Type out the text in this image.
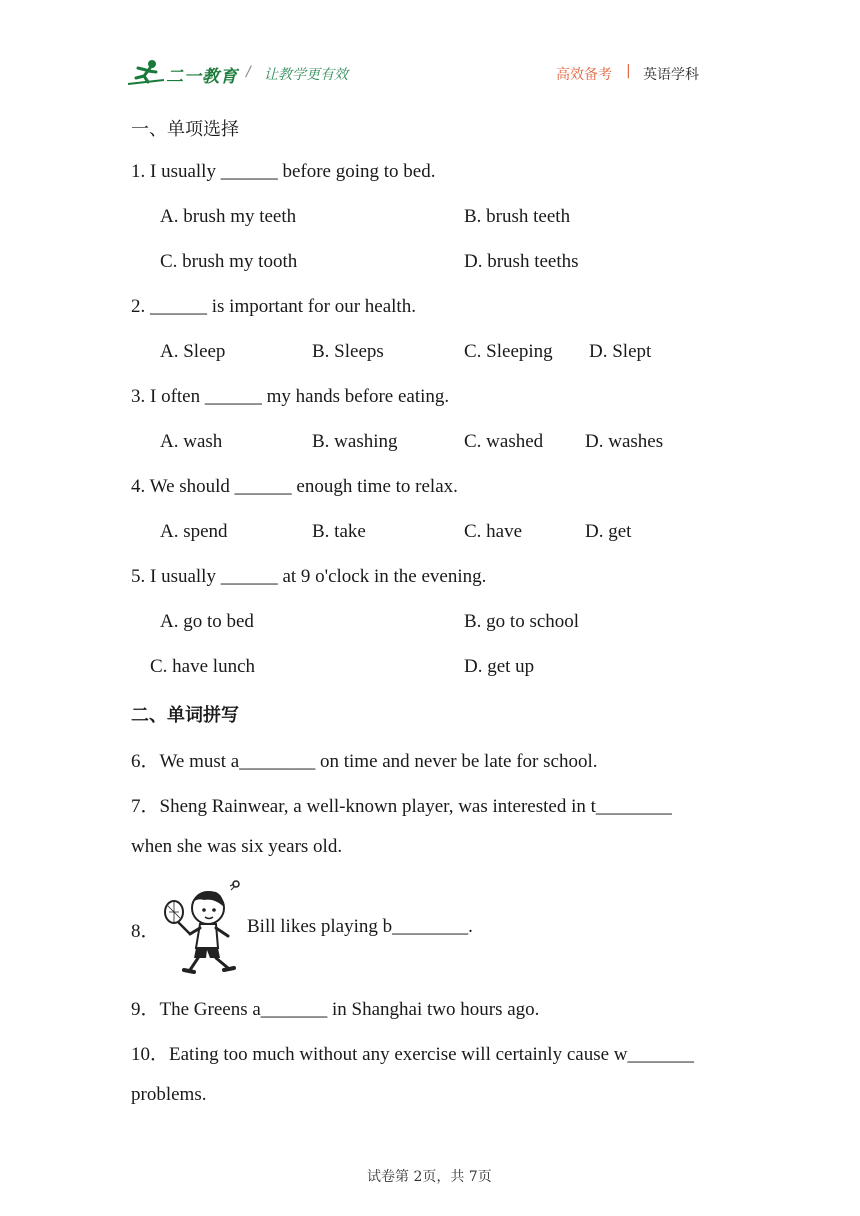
二一教育 / 让教学更有效	高效备考 | 英语学科
一、单项选择
1. I usually ______ before going to bed.
A. brush my teeth	B. brush teeth
C. brush my tooth	D. brush teeths
2. ______ is important for our health.
A. Sleep	B. Sleeps	C. Sleeping D. Slept
3. I often ______ my hands before eating.
A. wash	B. washing	C. washed D. washes
4. We should ______ enough time to relax.
A. spend	B. take	C. have	D. get
5. I usually ______ at 9 o'clock in the evening.
A. go to bed	B. go to school
C. have lunch	D. get up
二、单词拼写
6．We must a________ on time and never be late for school.
7．Sheng Rainwear, a well-known player, was interested in t________
when she was six years old.
8．	Bill likes playing b________.
9．The Greens a_______ in Shanghai two hours ago.
10．Eating too much without any exercise will certainly cause w_______
problems.
试卷第 2页，共 7页
